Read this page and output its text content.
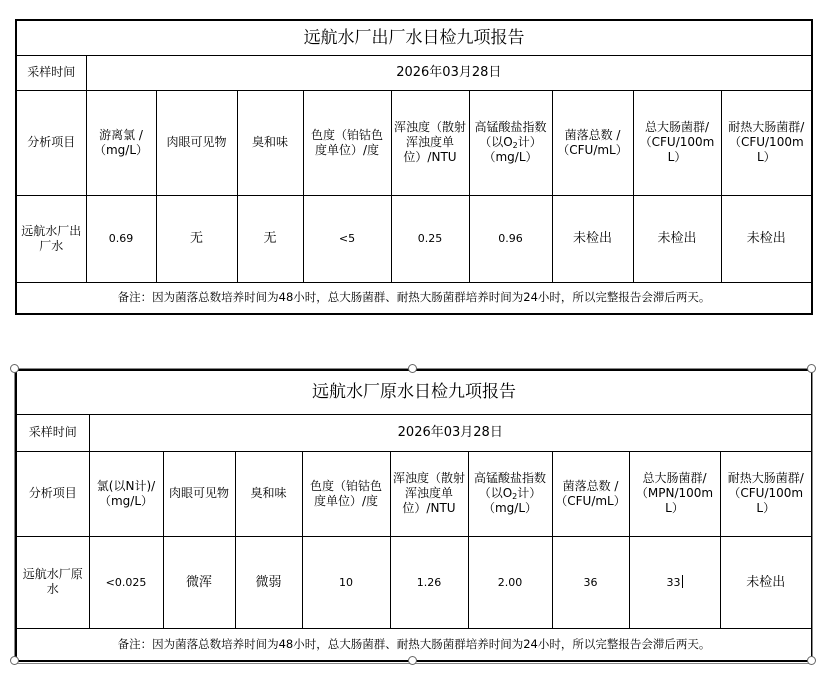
远航水厂出厂水日检九项报告									
采样时间	2026年03月28日								
分析项目	游离氯 /（mg/L）	肉眼可见物	臭和味	色度（铂钴色度单位）/度	浑浊度（散射浑浊度单位）/NTU	高锰酸盐指数（以$O_2$计）（mg/L）	菌落总数 /（CFU/mL）	总大肠菌群/（CFU/100mL）	耐热大肠菌群/（CFU/100mL）
远航水厂出厂水	0.69	无	无	<5	0.25	0.96	未检出	未检出	未检出
备注：因为菌落总数培养时间为48小时，总大肠菌群、耐热大肠菌群培养时间为24小时，所以完整报告会滞后两天。									
远航水厂原水日检九项报告									
采样时间	2026年03月28日								
分析项目	氯(以N计)/（mg/L）	肉眼可见物	臭和味	色度（铂钴色度单位）/度	浑浊度（散射浑浊度单位）/NTU	高锰酸盐指数（以$O_2$计）（mg/L）	菌落总数 /（CFU/mL）	总大肠菌群/（MPN/100mL）	耐热大肠菌群/（CFU/100mL）
远航水厂原水	<0.025	微浑	微弱	10	1.26	2.00	36	33	未检出
备注：因为菌落总数培养时间为48小时，总大肠菌群、耐热大肠菌群培养时间为24小时，所以完整报告会滞后两天。									
